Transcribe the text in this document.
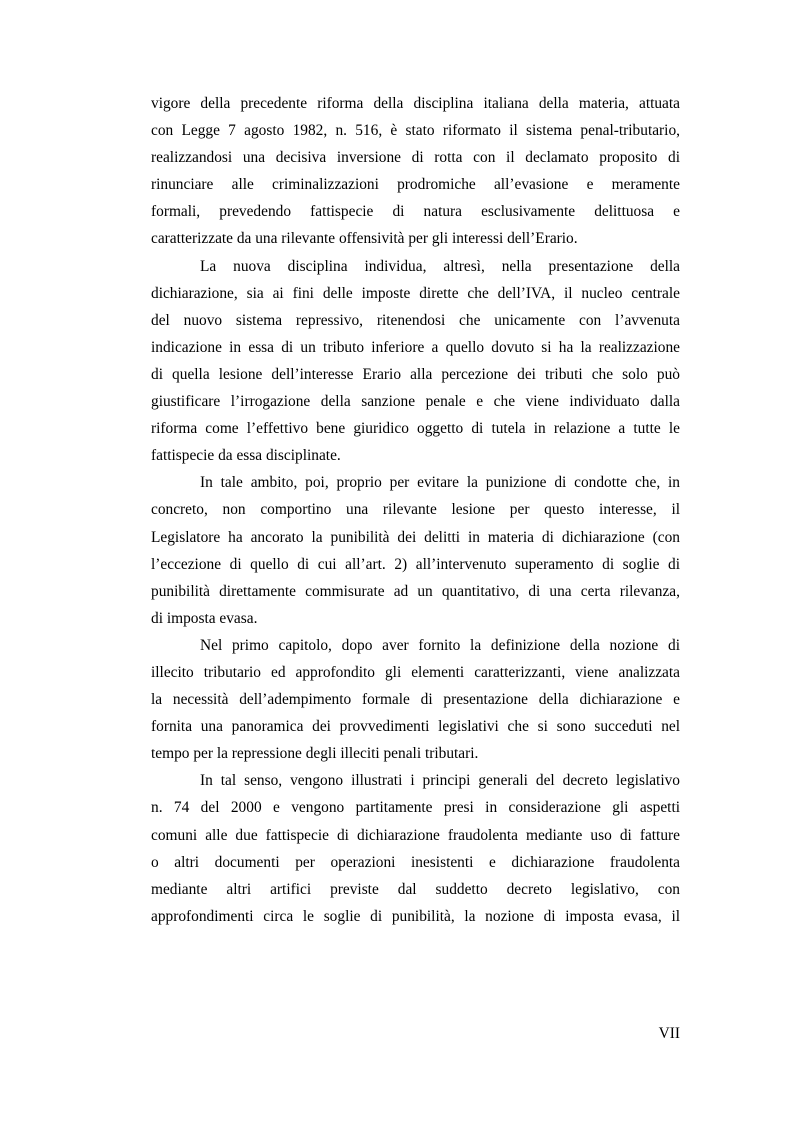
vigore della precedente riforma della disciplina italiana della materia, attuata
con Legge 7 agosto 1982, n. 516, è stato riformato il sistema penal-tributario,
realizzandosi una decisiva inversione di rotta con il declamato proposito di
rinunciare alle criminalizzazioni prodromiche all’evasione e meramente
formali, prevedendo fattispecie di natura esclusivamente delittuosa e
caratterizzate da una rilevante offensività per gli interessi dell’Erario.

La nuova disciplina individua, altresì, nella presentazione della
dichiarazione, sia ai fini delle imposte dirette che dell’IVA, il nucleo centrale
del nuovo sistema repressivo, ritenendosi che unicamente con l’avvenuta
indicazione in essa di un tributo inferiore a quello dovuto si ha la realizzazione
di quella lesione dell’interesse Erario alla percezione dei tributi che solo può
giustificare l’irrogazione della sanzione penale e che viene individuato dalla
riforma come l’effettivo bene giuridico oggetto di tutela in relazione a tutte le
fattispecie da essa disciplinate.

In tale ambito, poi, proprio per evitare la punizione di condotte che, in
concreto, non comportino una rilevante lesione per questo interesse, il
Legislatore ha ancorato la punibilità dei delitti in materia di dichiarazione (con
l’eccezione di quello di cui all’art. 2) all’intervenuto superamento di soglie di
punibilità direttamente commisurate ad un quantitativo, di una certa rilevanza,
di imposta evasa.

Nel primo capitolo, dopo aver fornito la definizione della nozione di
illecito tributario ed approfondito gli elementi caratterizzanti, viene analizzata
la necessità dell’adempimento formale di presentazione della dichiarazione e
fornita una panoramica dei provvedimenti legislativi che si sono succeduti nel
tempo per la repressione degli illeciti penali tributari.

In tal senso, vengono illustrati i principi generali del decreto legislativo
n. 74 del 2000 e vengono partitamente presi in considerazione gli aspetti
comuni alle due fattispecie di dichiarazione fraudolenta mediante uso di fatture
o altri documenti per operazioni inesistenti e dichiarazione fraudolenta
mediante altri artifici previste dal suddetto decreto legislativo, con
approfondimenti circa le soglie di punibilità, la nozione di imposta evasa, il

VII
